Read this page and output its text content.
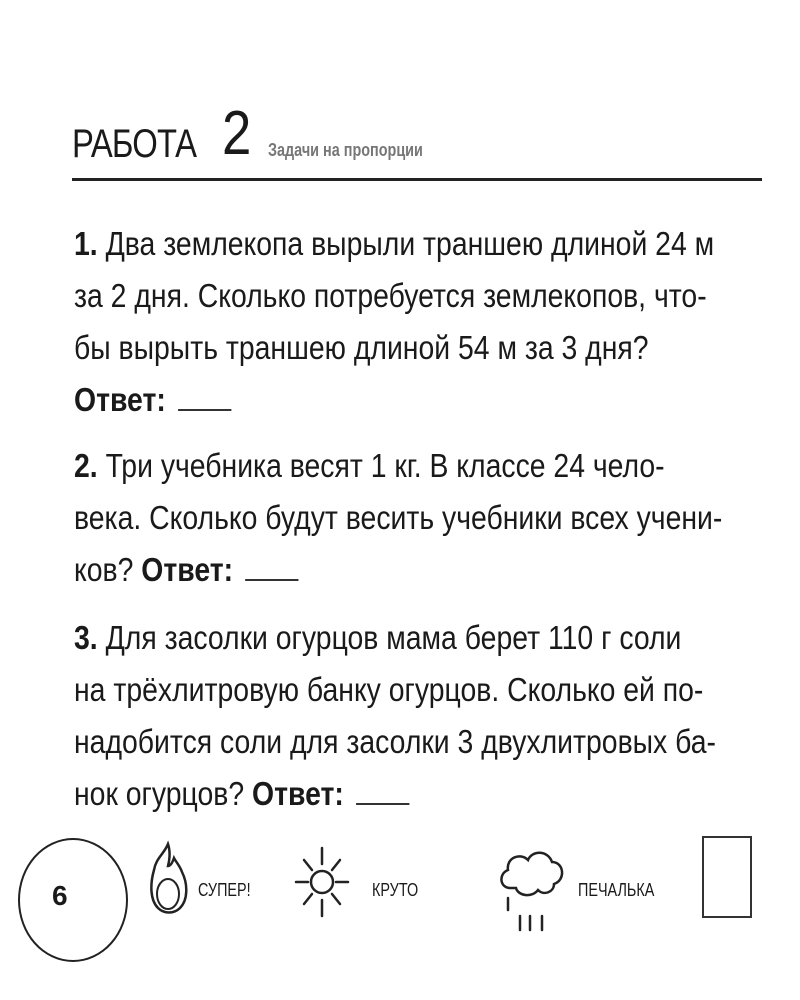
РАБОТА 2 Задачи на пропорции
1. Два землекопа вырыли траншею длиной 24 м
за 2 дня. Сколько потребуется землекопов, что-
бы вырыть траншею длиной 54 м за 3 дня?
Ответ:
2. Три учебника весят 1 кг. В классе 24 чело-
века. Сколько будут весить учебники всех учени-
ков? Ответ:
3. Для засолки огурцов мама берет 110 г соли
на трёхлитровую банку огурцов. Сколько ей по-
надобится соли для засолки 3 двухлитровых ба-
нок огурцов? Ответ:
6	СУПЕР!	КРУТО	ПЕЧАЛЬКА
